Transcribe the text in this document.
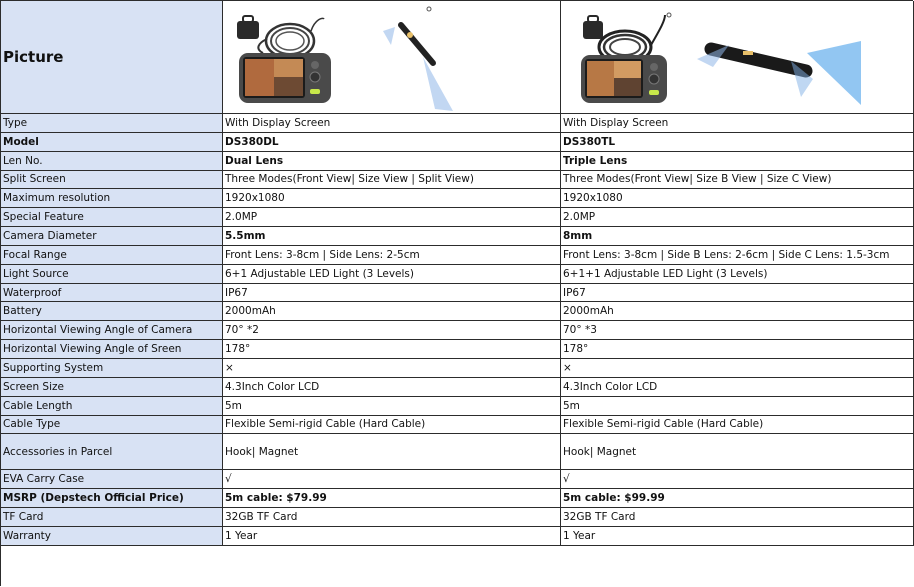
Picture
Type	With Display Screen	With Display Screen
Model	DS380DL	DS380TL
Len No.	Dual Lens	Triple Lens
Split Screen	Three Modes(Front View| Size View | Split View)	Three Modes(Front View| Size B View | Size C View)
Maximum resolution	1920x1080	1920x1080
Special Feature	2.0MP	2.0MP
Camera Diameter	5.5mm	8mm
Focal Range	Front Lens: 3-8cm | Side Lens: 2-5cm	Front Lens: 3-8cm | Side B Lens: 2-6cm | Side C Lens: 1.5-3cm
Light Source	6+1 Adjustable LED Light (3 Levels)	6+1+1 Adjustable LED Light (3 Levels)
Waterproof	IP67	IP67
Battery	2000mAh	2000mAh
Horizontal Viewing Angle of Camera	70° *2	70° *3
Horizontal Viewing Angle of Sreen	178°	178°
Supporting System	×	×
Screen Size	4.3Inch Color LCD	4.3Inch Color LCD
Cable Length	5m	5m
Cable Type	Flexible Semi-rigid Cable (Hard Cable)	Flexible Semi-rigid Cable (Hard Cable)
Accessories in Parcel	Hook| Magnet	Hook| Magnet
EVA Carry Case	√	√
MSRP (Depstech Official Price)	5m cable: $79.99	5m cable: $99.99
TF Card	32GB TF Card	32GB TF Card
Warranty	1 Year	1 Year
